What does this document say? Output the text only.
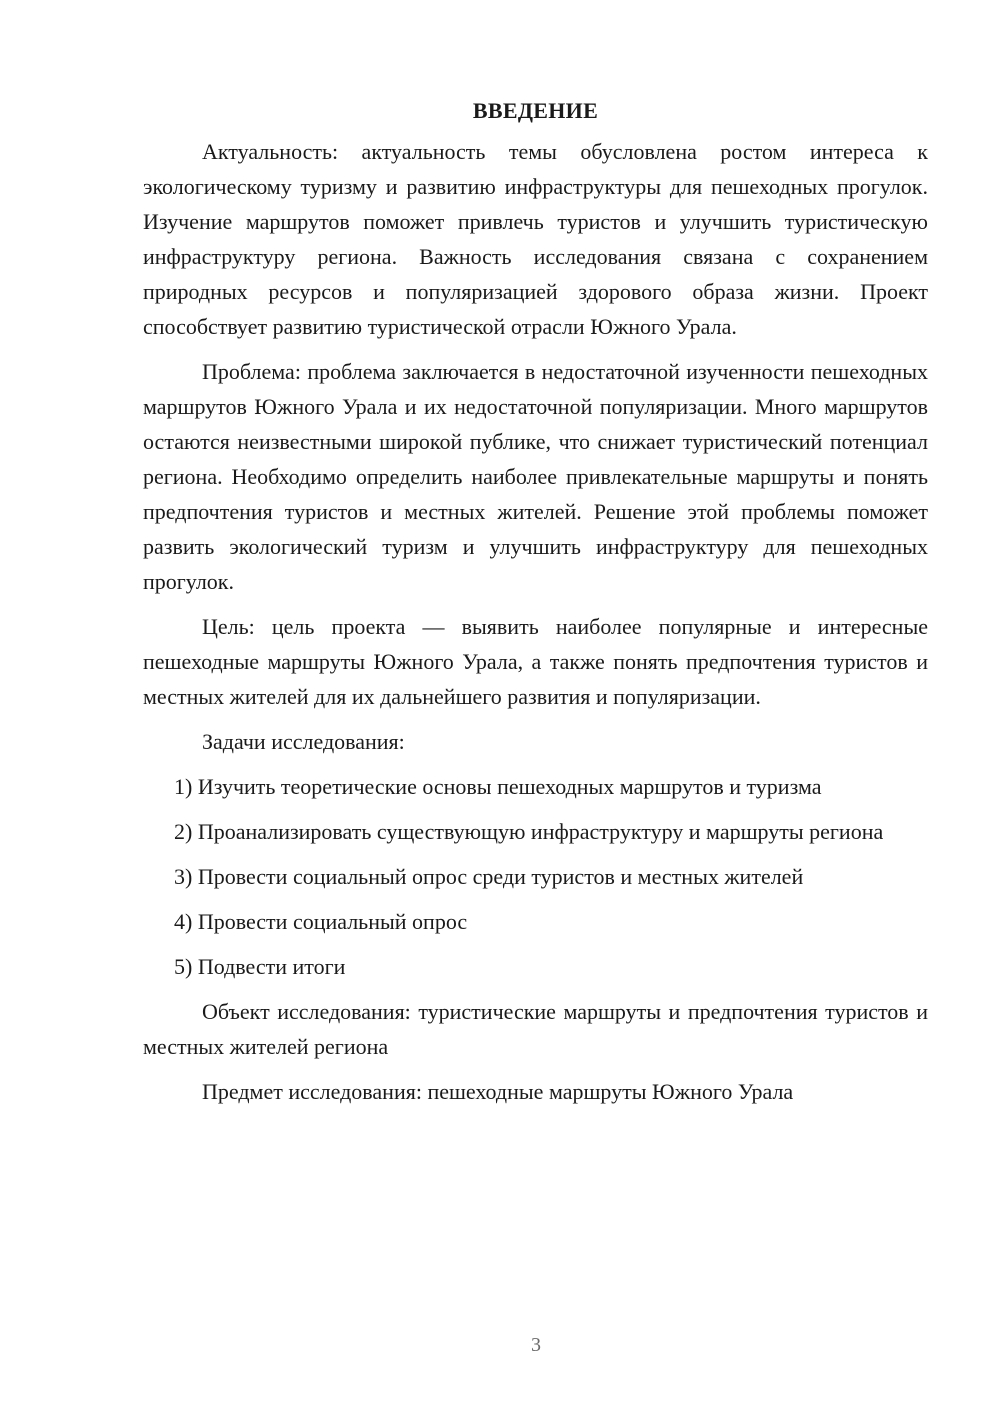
ВВЕДЕНИЕ

Актуальность: актуальность темы обусловлена ростом интереса к экологическому туризму и развитию инфраструктуры для пешеходных прогулок. Изучение маршрутов поможет привлечь туристов и улучшить туристическую инфраструктуру региона. Важность исследования связана с сохранением природных ресурсов и популяризацией здорового образа жизни. Проект способствует развитию туристической отрасли Южного Урала.

Проблема: проблема заключается в недостаточной изученности пешеходных маршрутов Южного Урала и их недостаточной популяризации. Много маршрутов остаются неизвестными широкой публике, что снижает туристический потенциал региона. Необходимо определить наиболее привлекательные маршруты и понять предпочтения туристов и местных жителей. Решение этой проблемы поможет развить экологический туризм и улучшить инфраструктуру для пешеходных прогулок.

Цель: цель проекта — выявить наиболее популярные и интересные пешеходные маршруты Южного Урала, а также понять предпочтения туристов и местных жителей для их дальнейшего развития и популяризации.

Задачи исследования:

1) Изучить теоретические основы пешеходных маршрутов и туризма

2) Проанализировать существующую инфраструктуру и маршруты региона

3) Провести социальный опрос среди туристов и местных жителей

4) Провести социальный опрос

5) Подвести итоги

Объект исследования: туристические маршруты и предпочтения туристов и местных жителей региона

Предмет исследования: пешеходные маршруты Южного Урала

3
